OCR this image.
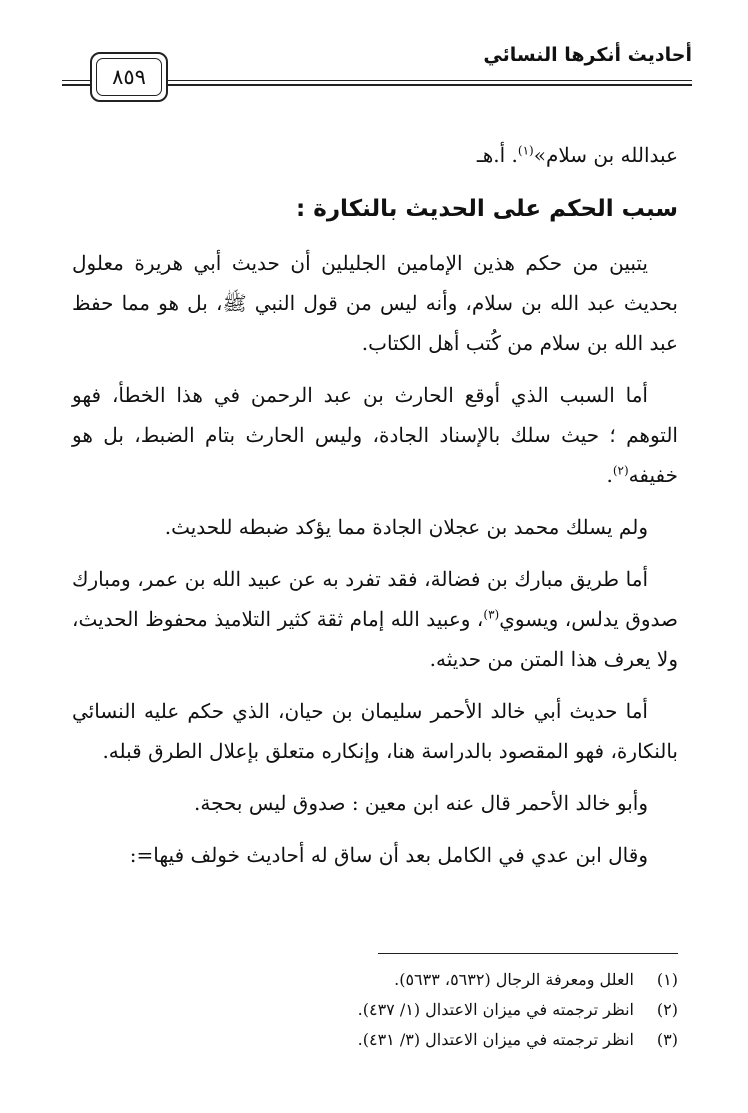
أحاديث أنكرها النسائي
٨٥٩

عبدالله بن سلام»$^{(١)}$. أ.هـ

سبب الحكم على الحديث بالنكارة :

يتبين من حكم هذين الإمامين الجليلين أن حديث أبي هريرة معلول بحديث عبد الله بن سلام، وأنه ليس من قول النبي ﷺ، بل هو مما حفظ عبد الله بن سلام من كُتب أهل الكتاب.

أما السبب الذي أوقع الحارث بن عبد الرحمن في هذا الخطأ، فهو التوهم ؛ حيث سلك بالإسناد الجادة، وليس الحارث بتام الضبط، بل هو خفيفه$^{(٢)}$.

ولم يسلك محمد بن عجلان الجادة مما يؤكد ضبطه للحديث.

أما طريق مبارك بن فضالة، فقد تفرد به عن عبيد الله بن عمر، ومبارك صدوق يدلس، ويسوي$^{(٣)}$، وعبيد الله إمام ثقة كثير التلاميذ محفوظ الحديث، ولا يعرف هذا المتن من حديثه.

أما حديث أبي خالد الأحمر سليمان بن حيان، الذي حكم عليه النسائي بالنكارة، فهو المقصود بالدراسة هنا، وإنكاره متعلق بإعلال الطرق قبله.

وأبو خالد الأحمر قال عنه ابن معين : صدوق ليس بحجة.

وقال ابن عدي في الكامل بعد أن ساق له أحاديث خولف فيها=:

(١)
العلل ومعرفة الرجال (٥٦٣٢، ٥٦٣٣).

(٢)
انظر ترجمته في ميزان الاعتدال (١/ ٤٣٧).

(٣)
انظر ترجمته في ميزان الاعتدال (٣/ ٤٣١).
